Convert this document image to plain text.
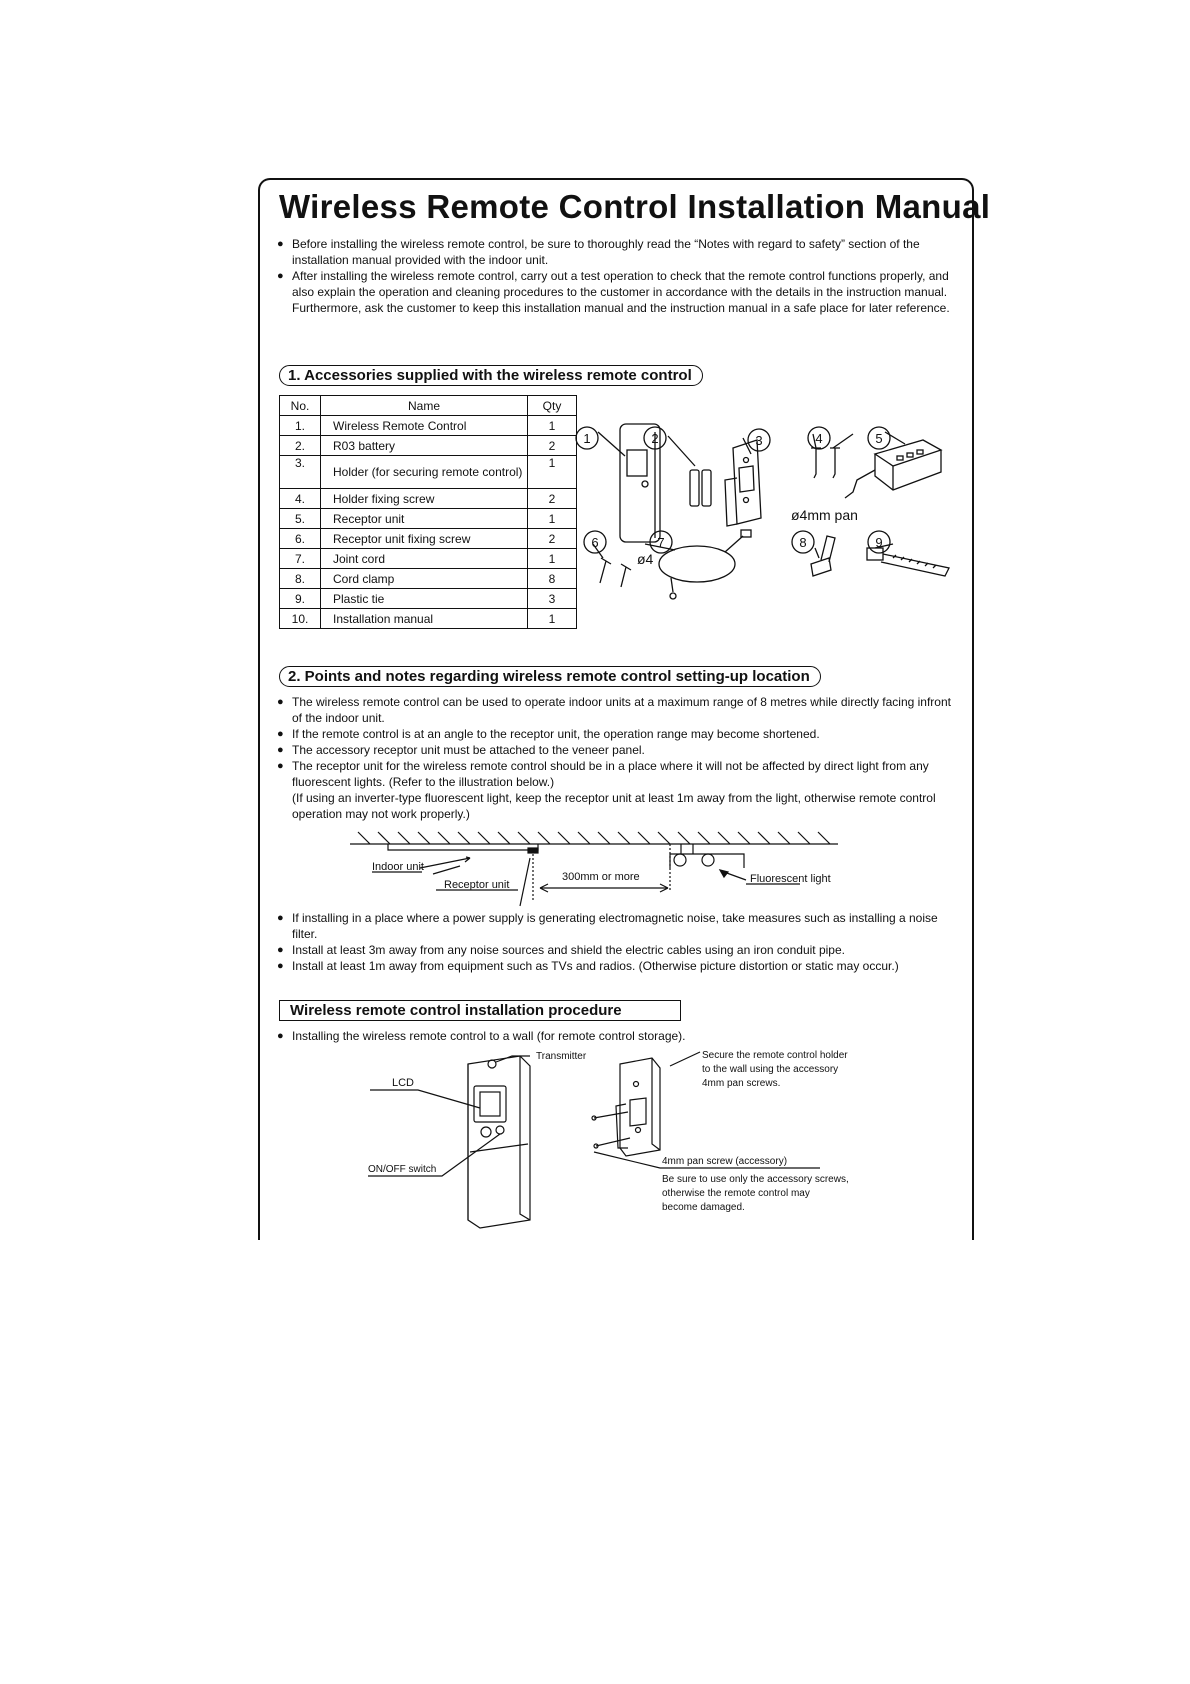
Wireless Remote Control Installation Manual
● Before installing the wireless remote control, be sure to thoroughly read the “Notes with regard to safety” section of the installation manual provided with the indoor unit.
● After installing the wireless remote control, carry out a test operation to check that the remote control functions properly, and also explain the operation and cleaning procedures to the customer in accordance with the details in the instruction manual.
Furthermore, ask the customer to keep this installation manual and the instruction manual in a safe place for later reference.
1. Accessories supplied with the wireless remote control
No.	Name	Qty
1.	Wireless Remote Control	1
2.	R03 battery	2
3.	Holder (for securing remote control)	1
4.	Holder fixing screw	2
5.	Receptor unit	1
6.	Receptor unit fixing screw	2
7.	Joint cord	1
8.	Cord clamp	8
9.	Plastic tie	3
10.	Installation manual	1
1	2	3	4	5
6	7	8	9
ø4mm pan
ø4
2. Points and notes regarding wireless remote control setting-up location
● The wireless remote control can be used to operate indoor units at a maximum range of 8 metres while directly facing infront of the indoor unit.
● If the remote control is at an angle to the receptor unit, the operation range may become shortened.
● The accessory receptor unit must be attached to the veneer panel.
● The receptor unit for the wireless remote control should be in a place where it will not be affected by direct light from any fluorescent lights. (Refer to the illustration below.)
(If using an inverter-type fluorescent light, keep the receptor unit at least 1m away from the light, otherwise remote control operation may not work properly.)
Indoor unit
Receptor unit
300mm or more	Fluorescent light
● If installing in a place where a power supply is generating electromagnetic noise, take measures such as installing a noise filter.
● Install at least 3m away from any noise sources and shield the electric cables using an iron conduit pipe.
● Install at least 1m away from equipment such as TVs and radios. (Otherwise picture distortion or static may occur.)
Wireless remote control installation procedure
● Installing the wireless remote control to a wall (for remote control storage).
Transmitter
LCD
ON/OFF switch
Secure the remote control holder
to the wall using the accessory
4mm pan screws.
4mm pan screw (accessory)
Be sure to use only the accessory screws,
otherwise the remote control may
become damaged.
